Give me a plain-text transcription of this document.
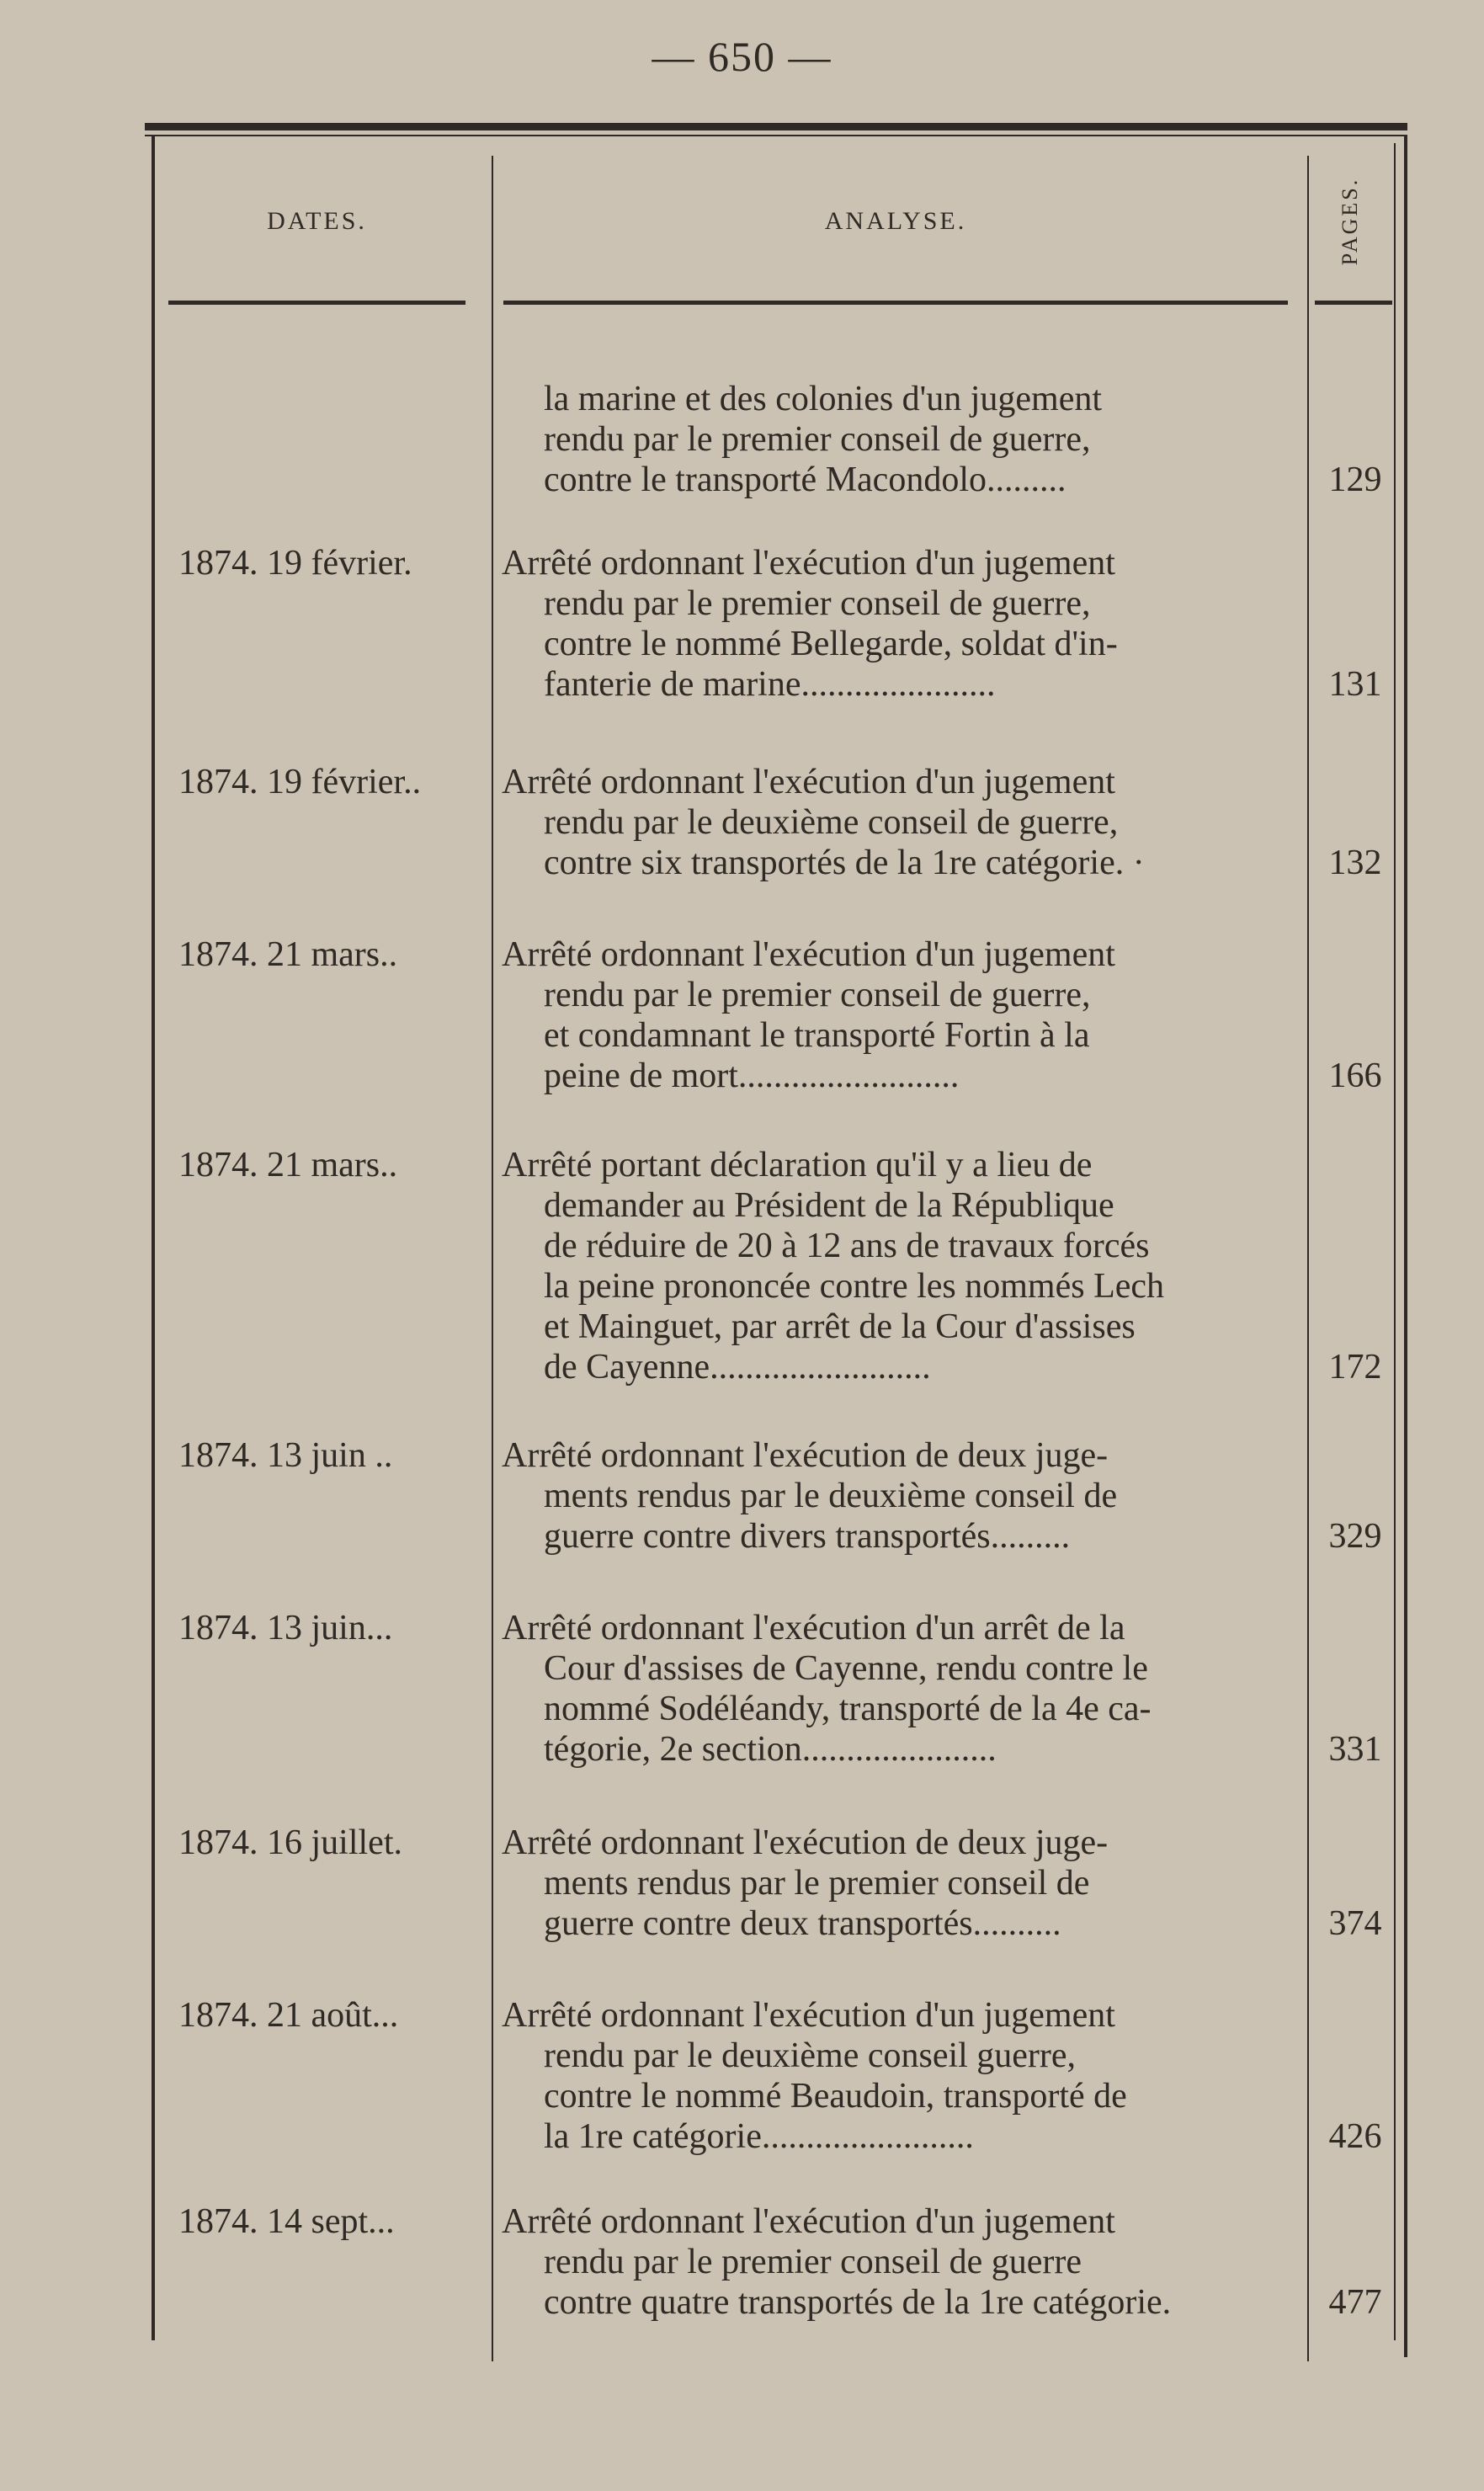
— 650 —
DATES.	ANALYSE.	PAGES.
la marine et des colonies d'un jugement
rendu par le premier conseil de guerre,
contre le transporté Macondolo.........	129
1874. 19 février.	Arrêté ordonnant l'exécution d'un jugement
rendu par le premier conseil de guerre,
contre le nommé Bellegarde, soldat d'in-
fanterie de marine......................	131
1874. 19 février..	Arrêté ordonnant l'exécution d'un jugement
rendu par le deuxième conseil de guerre,
contre six transportés de la 1re catégorie. ·	132
1874. 21 mars..	Arrêté ordonnant l'exécution d'un jugement
rendu par le premier conseil de guerre,
et condamnant le transporté Fortin à la
peine de mort.........................	166
1874. 21 mars..	Arrêté portant déclaration qu'il y a lieu de
demander au Président de la République
de réduire de 20 à 12 ans de travaux forcés
la peine prononcée contre les nommés Lech
et Mainguet, par arrêt de la Cour d'assises
de Cayenne.........................	172
1874. 13 juin ..	Arrêté ordonnant l'exécution de deux juge-
ments rendus par le deuxième conseil de
guerre contre divers transportés.........	329
1874. 13 juin...	Arrêté ordonnant l'exécution d'un arrêt de la
Cour d'assises de Cayenne, rendu contre le
nommé Sodéléandy, transporté de la 4e ca-
tégorie, 2e section......................	331
1874. 16 juillet.	Arrêté ordonnant l'exécution de deux juge-
ments rendus par le premier conseil de
guerre contre deux transportés..........	374
1874. 21 août...	Arrêté ordonnant l'exécution d'un jugement
rendu par le deuxième conseil guerre,
contre le nommé Beaudoin, transporté de
la 1re catégorie........................	426
1874. 14 sept...	Arrêté ordonnant l'exécution d'un jugement
rendu par le premier conseil de guerre
contre quatre transportés de la 1re catégorie.	477
